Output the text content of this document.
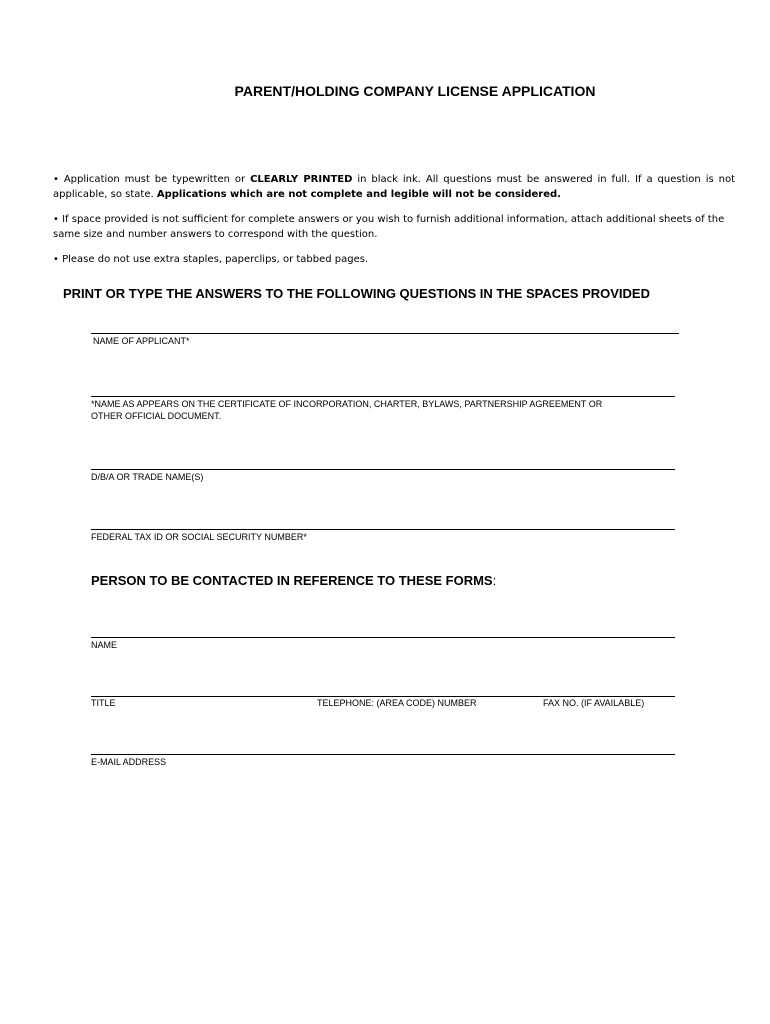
PARENT/HOLDING COMPANY LICENSE APPLICATION
• Application must be typewritten or CLEARLY PRINTED in black ink. All questions must be answered in full. If a question is not applicable, so state. Applications which are not complete and legible will not be considered.
• If space provided is not sufficient for complete answers or you wish to furnish additional information, attach additional sheets of the same size and number answers to correspond with the question.
• Please do not use extra staples, paperclips, or tabbed pages.
PRINT OR TYPE THE ANSWERS TO THE FOLLOWING QUESTIONS IN THE SPACES PROVIDED
NAME OF APPLICANT*
*NAME AS APPEARS ON THE CERTIFICATE OF INCORPORATION, CHARTER, BYLAWS, PARTNERSHIP AGREEMENT OR
OTHER OFFICIAL DOCUMENT.
D/B/A OR TRADE NAME(S)
FEDERAL TAX ID OR SOCIAL SECURITY NUMBER*
PERSON TO BE CONTACTED IN REFERENCE TO THESE FORMS:
NAME
TITLE	TELEPHONE: (AREA CODE) NUMBER	FAX NO. (IF AVAILABLE)
E-MAIL ADDRESS
